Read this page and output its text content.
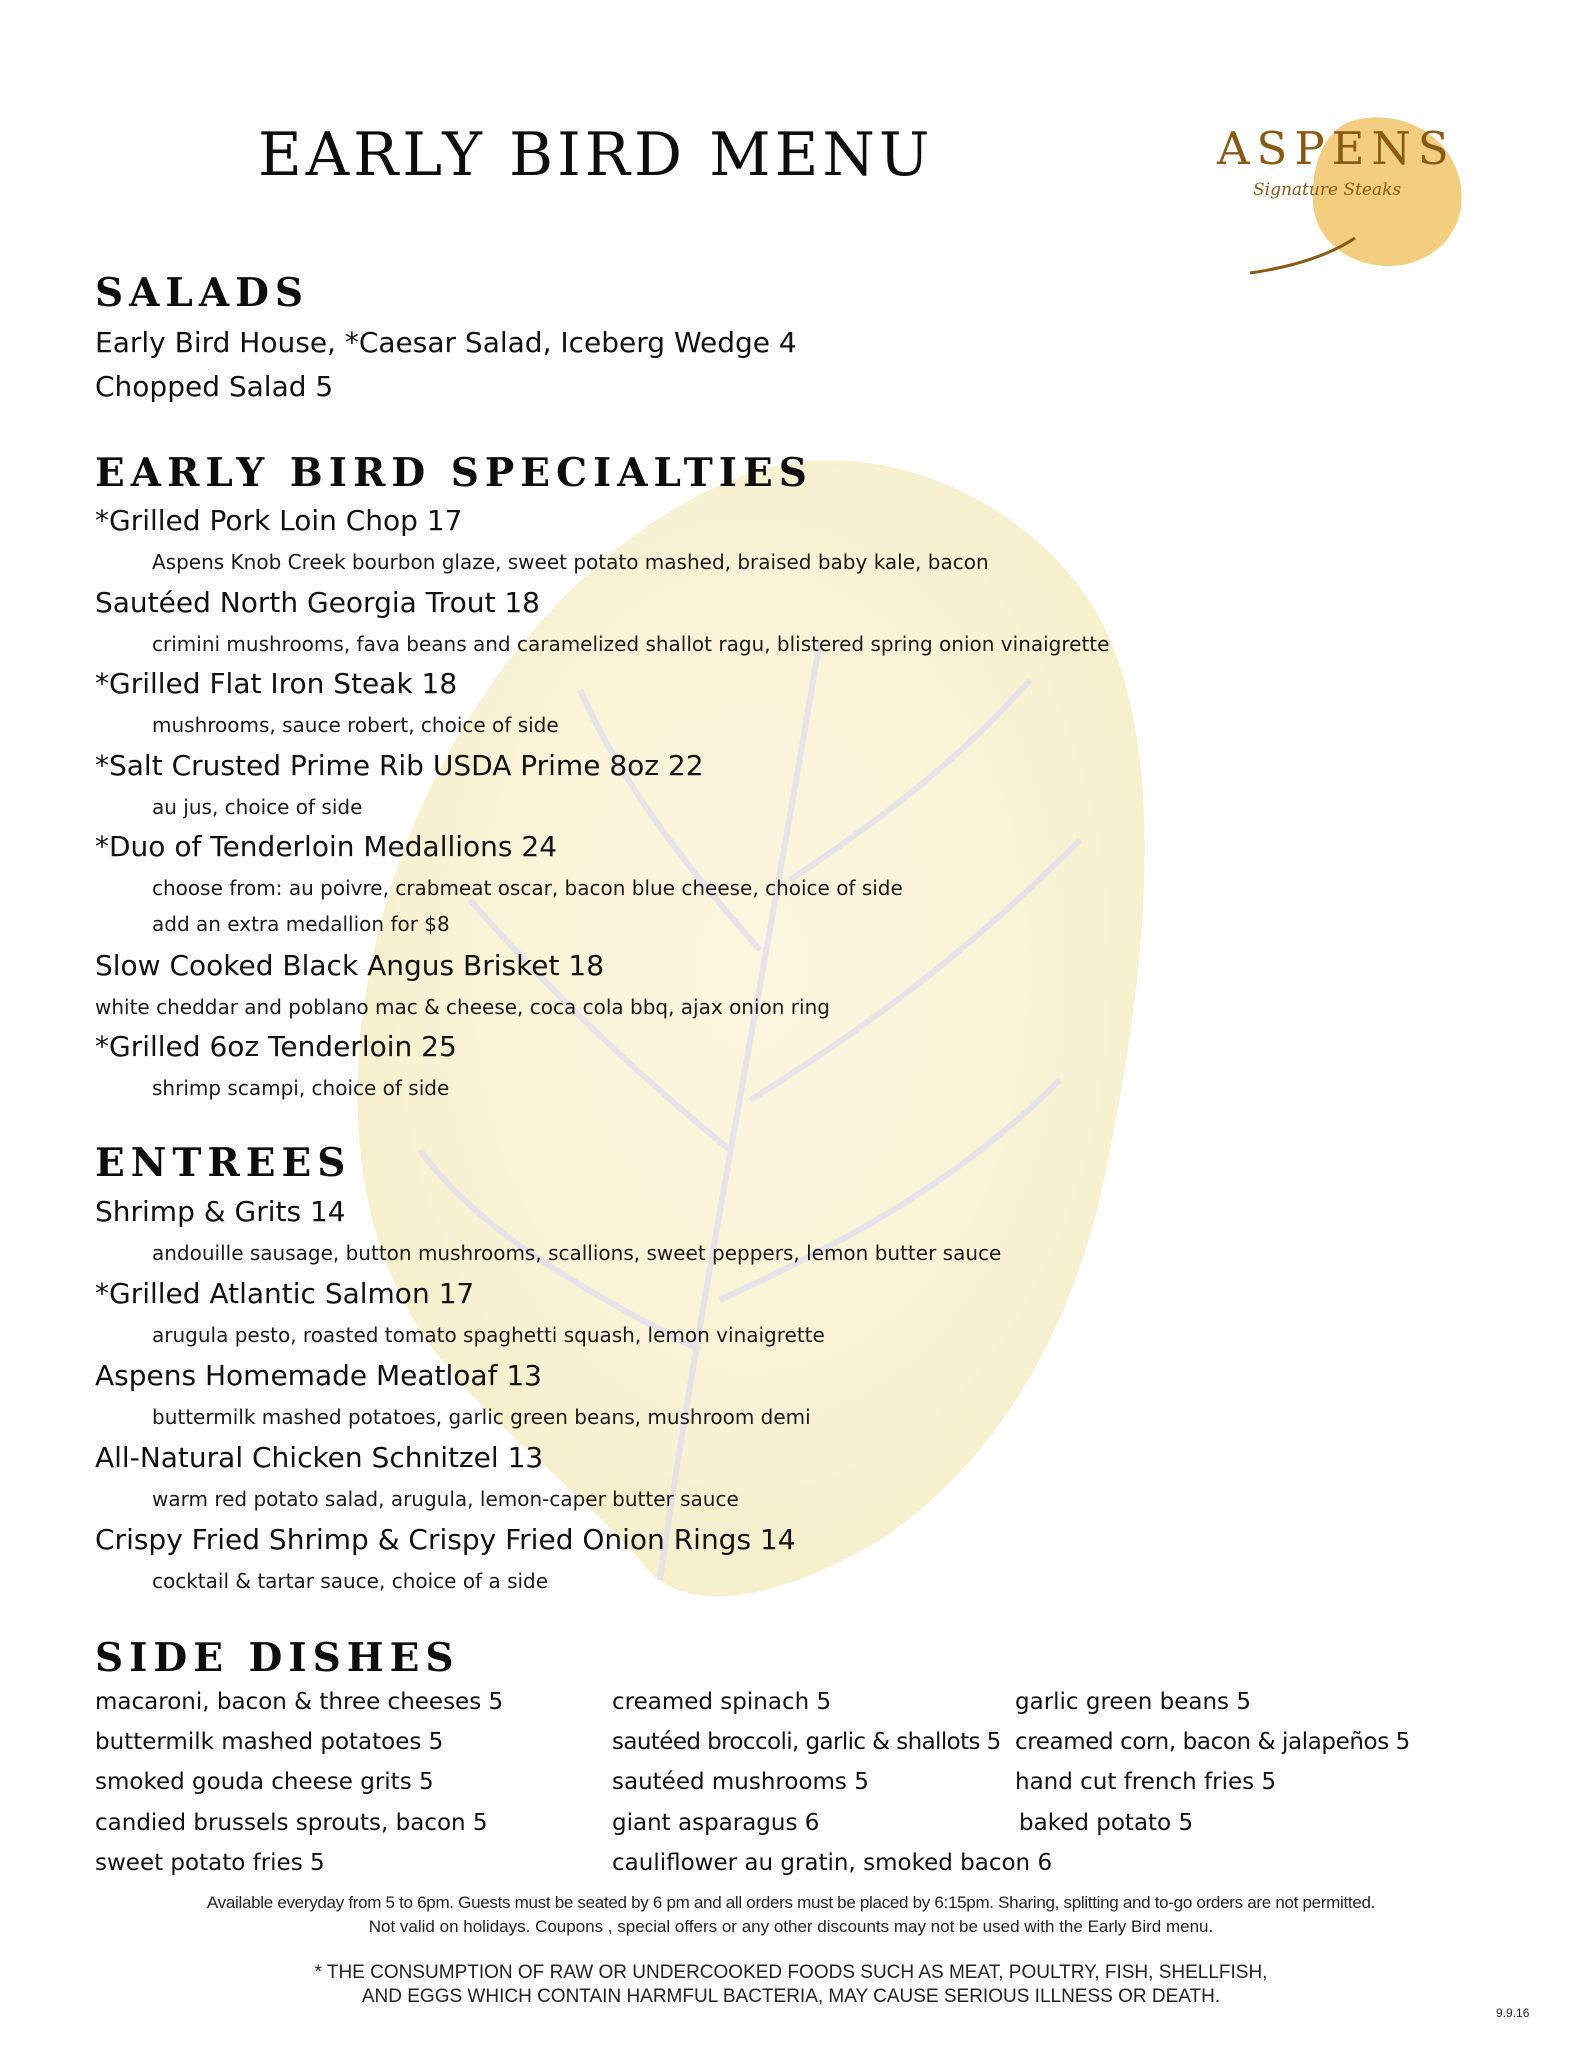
EARLY BIRD MENU	ASPENS
Signature Steaks
SALADS

Early Bird House, *Caesar Salad, Iceberg Wedge 4

Chopped Salad 5

EARLY BIRD SPECIALTIES

*Grilled Pork Loin Chop 17

Aspens Knob Creek bourbon glaze, sweet potato mashed, braised baby kale, bacon

Sautéed North Georgia Trout 18

crimini mushrooms, fava beans and caramelized shallot ragu, blistered spring onion vinaigrette

*Grilled Flat Iron Steak 18

mushrooms, sauce robert, choice of side

*Salt Crusted Prime Rib USDA Prime 8oz 22

au jus, choice of side

*Duo of Tenderloin Medallions 24

choose from: au poivre, crabmeat oscar, bacon blue cheese, choice of side

add an extra medallion for $8

Slow Cooked Black Angus Brisket 18

white cheddar and poblano mac & cheese, coca cola bbq, ajax onion ring

*Grilled 6oz Tenderloin 25

shrimp scampi, choice of side

ENTREES

Shrimp & Grits 14

andouille sausage, button mushrooms, scallions, sweet peppers, lemon butter sauce

*Grilled Atlantic Salmon 17

arugula pesto, roasted tomato spaghetti squash, lemon vinaigrette

Aspens Homemade Meatloaf 13

buttermilk mashed potatoes, garlic green beans, mushroom demi

All-Natural Chicken Schnitzel 13

warm red potato salad, arugula, lemon-caper butter sauce

Crispy Fried Shrimp & Crispy Fried Onion Rings 14

cocktail & tartar sauce, choice of a side

SIDE DISHES

macaroni, bacon & three cheeses 5

buttermilk mashed potatoes 5

smoked gouda cheese grits 5

candied brussels sprouts, bacon 5

sweet potato fries 5

creamed spinach 5

sautéed broccoli, garlic & shallots 5

sautéed mushrooms 5

giant asparagus 6

cauliflower au gratin, smoked bacon 6

garlic green beans 5

creamed corn, bacon & jalapeños 5

hand cut french fries 5

baked potato 5

Available everyday from 5 to 6pm. Guests must be seated by 6 pm and all orders must be placed by 6:15pm. Sharing, splitting and to-go orders are not permitted.

Not valid on holidays. Coupons , special offers or any other discounts may not be used with the Early Bird menu.

* THE CONSUMPTION OF RAW OR UNDERCOOKED FOODS SUCH AS MEAT, POULTRY, FISH, SHELLFISH,

AND EGGS WHICH CONTAIN HARMFUL BACTERIA, MAY CAUSE SERIOUS ILLNESS OR DEATH.

9.9.16
